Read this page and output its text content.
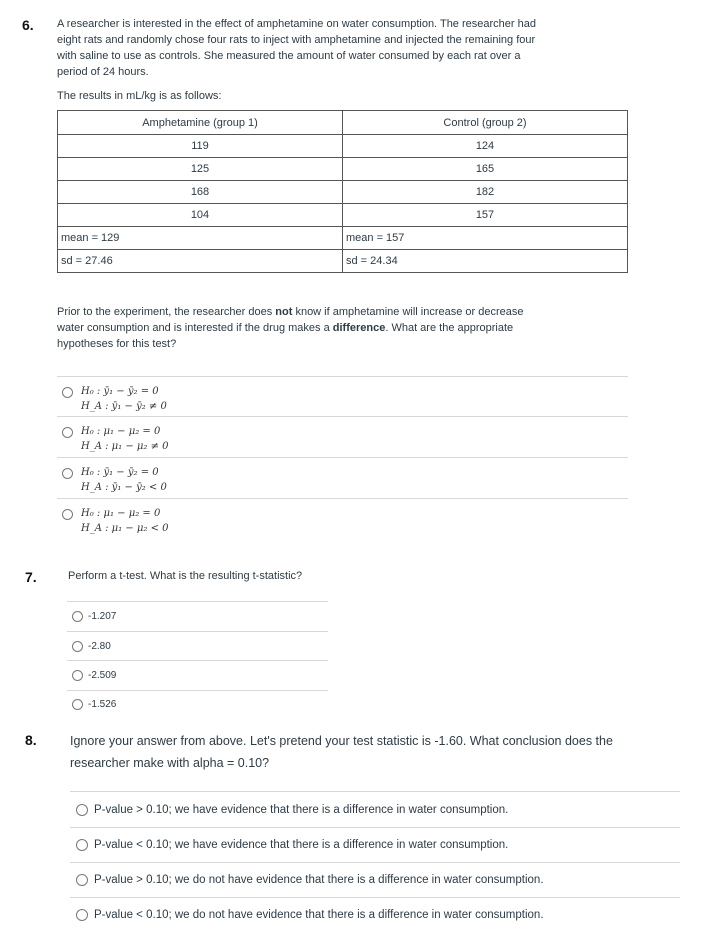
6. A researcher is interested in the effect of amphetamine on water consumption. The researcher had
eight rats and randomly chose four rats to inject with amphetamine and injected the remaining four
with saline to use as controls. She measured the amount of water consumed by each rat over a
period of 24 hours.
The results in mL/kg is as follows:
Amphetamine (group 1)	Control (group 2)
119	124
125	165
168	182
104	157
mean = 129	mean = 157
sd = 27.46	sd = 24.34
Prior to the experiment, the researcher does not know if amphetamine will increase or decrease
water consumption and is interested if the drug makes a difference. What are the appropriate
hypotheses for this test?
H₀ : ȳ₁ − ȳ₂ = 0
H_A : ȳ₁ − ȳ₂ ≠ 0
H₀ : μ₁ − μ₂ = 0
H_A : μ₁ − μ₂ ≠ 0
H₀ : ȳ₁ − ȳ₂ = 0
H_A : ȳ₁ − ȳ₂ < 0
H₀ : μ₁ − μ₂ = 0
H_A : μ₁ − μ₂ < 0
7.	Perform a t-test. What is the resulting t-statistic?
-1.207
-2.80
-2.509
-1.526
8.	Ignore your answer from above. Let's pretend your test statistic is -1.60. What conclusion does the
researcher make with alpha = 0.10?
P-value > 0.10; we have evidence that there is a difference in water consumption.
P-value < 0.10; we have evidence that there is a difference in water consumption.
P-value > 0.10; we do not have evidence that there is a difference in water consumption.
P-value < 0.10; we do not have evidence that there is a difference in water consumption.
